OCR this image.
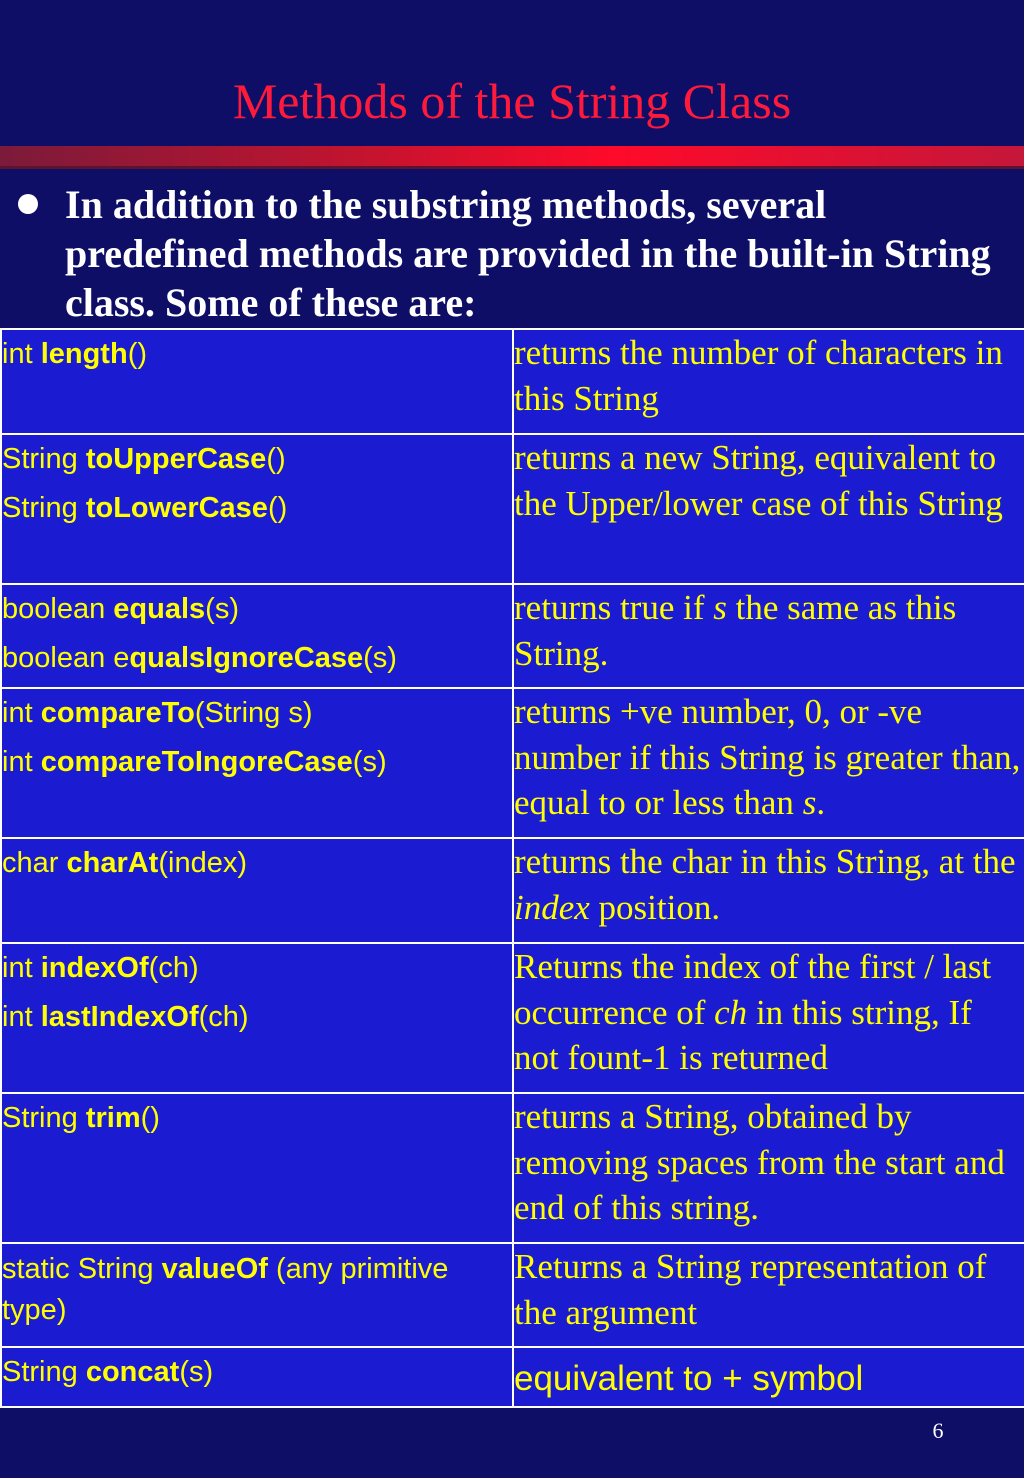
Methods of the String Class
In addition to the substring methods, several predefined methods are provided in the built-in String class. Some of these are:
int length()	returns the number of characters in this String

String toUpperCase()
String toLowerCase()	returns a new String, equivalent to the Upper/lower case of this String

boolean equals(s)
boolean equalsIgnoreCase(s)	returns true if s the same as this String.

int compareTo(String s)
int compareToIngoreCase(s)	returns +ve number, 0, or -ve number if this String is greater than, equal to or less than s.

char charAt(index)	returns the char in this String, at the index position.

int indexOf(ch)
int lastIndexOf(ch)	Returns the index of the first / last occurrence of ch in this string, If not fount-1 is returned

String trim()	returns a String, obtained by removing spaces from the start and end of this string.

static String valueOf (any primitive type)	Returns a String representation of the argument

String concat(s)	equivalent to + symbol
6
